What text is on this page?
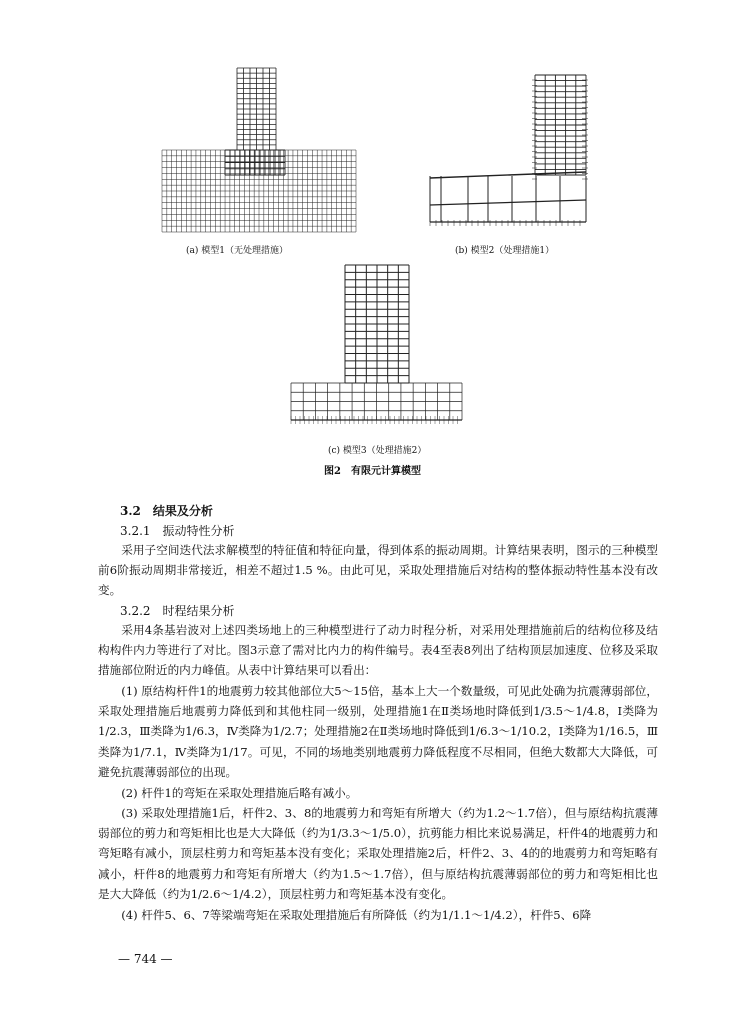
(a) 模型1（无处理措施）	(b) 模型2（处理措施1）
(c) 模型3（处理措施2）
图2　有限元计算模型
3.2　结果及分析
3.2.1　振动特性分析

采用子空间迭代法求解模型的特征值和特征向量，得到体系的振动周期。计算结果表明，图示的三种模型前6阶振动周期非常接近，相差不超过1.5 %。由此可见，采取处理措施后对结构的整体振动特性基本没有改变。

3.2.2　时程结果分析

采用4条基岩波对上述四类场地上的三种模型进行了动力时程分析，对采用处理措施前后的结构位移及结构构件内力等进行了对比。图3示意了需对比内力的构件编号。表4至表8列出了结构顶层加速度、位移及采取措施部位附近的内力峰值。从表中计算结果可以看出：

(1) 原结构杆件1的地震剪力较其他部位大5～15倍，基本上大一个数量级，可见此处确为抗震薄弱部位，采取处理措施后地震剪力降低到和其他柱同一级别，处理措施1在Ⅱ类场地时降低到1/3.5～1/4.8，Ⅰ类降为1/2.3，Ⅲ类降为1/6.3，Ⅳ类降为1/2.7；处理措施2在Ⅱ类场地时降低到1/6.3～1/10.2，Ⅰ类降为1/16.5，Ⅲ类降为1/7.1，Ⅳ类降为1/17。可见，不同的场地类别地震剪力降低程度不尽相同，但绝大数都大大降低，可避免抗震薄弱部位的出现。

(2) 杆件1的弯矩在采取处理措施后略有减小。

(3) 采取处理措施1后，杆件2、3、8的地震剪力和弯矩有所增大（约为1.2～1.7倍），但与原结构抗震薄弱部位的剪力和弯矩相比也是大大降低（约为1/3.3～1/5.0），抗剪能力相比来说易满足，杆件4的地震剪力和弯矩略有减小，顶层柱剪力和弯矩基本没有变化；采取处理措施2后，杆件2、3、4的的地震剪力和弯矩略有减小，杆件8的地震剪力和弯矩有所增大（约为1.5～1.7倍），但与原结构抗震薄弱部位的剪力和弯矩相比也是大大降低（约为1/2.6～1/4.2），顶层柱剪力和弯矩基本没有变化。

(4) 杆件5、6、7等梁端弯矩在采取处理措施后有所降低（约为1/1.1～1/4.2），杆件5、6降

— 744 —
